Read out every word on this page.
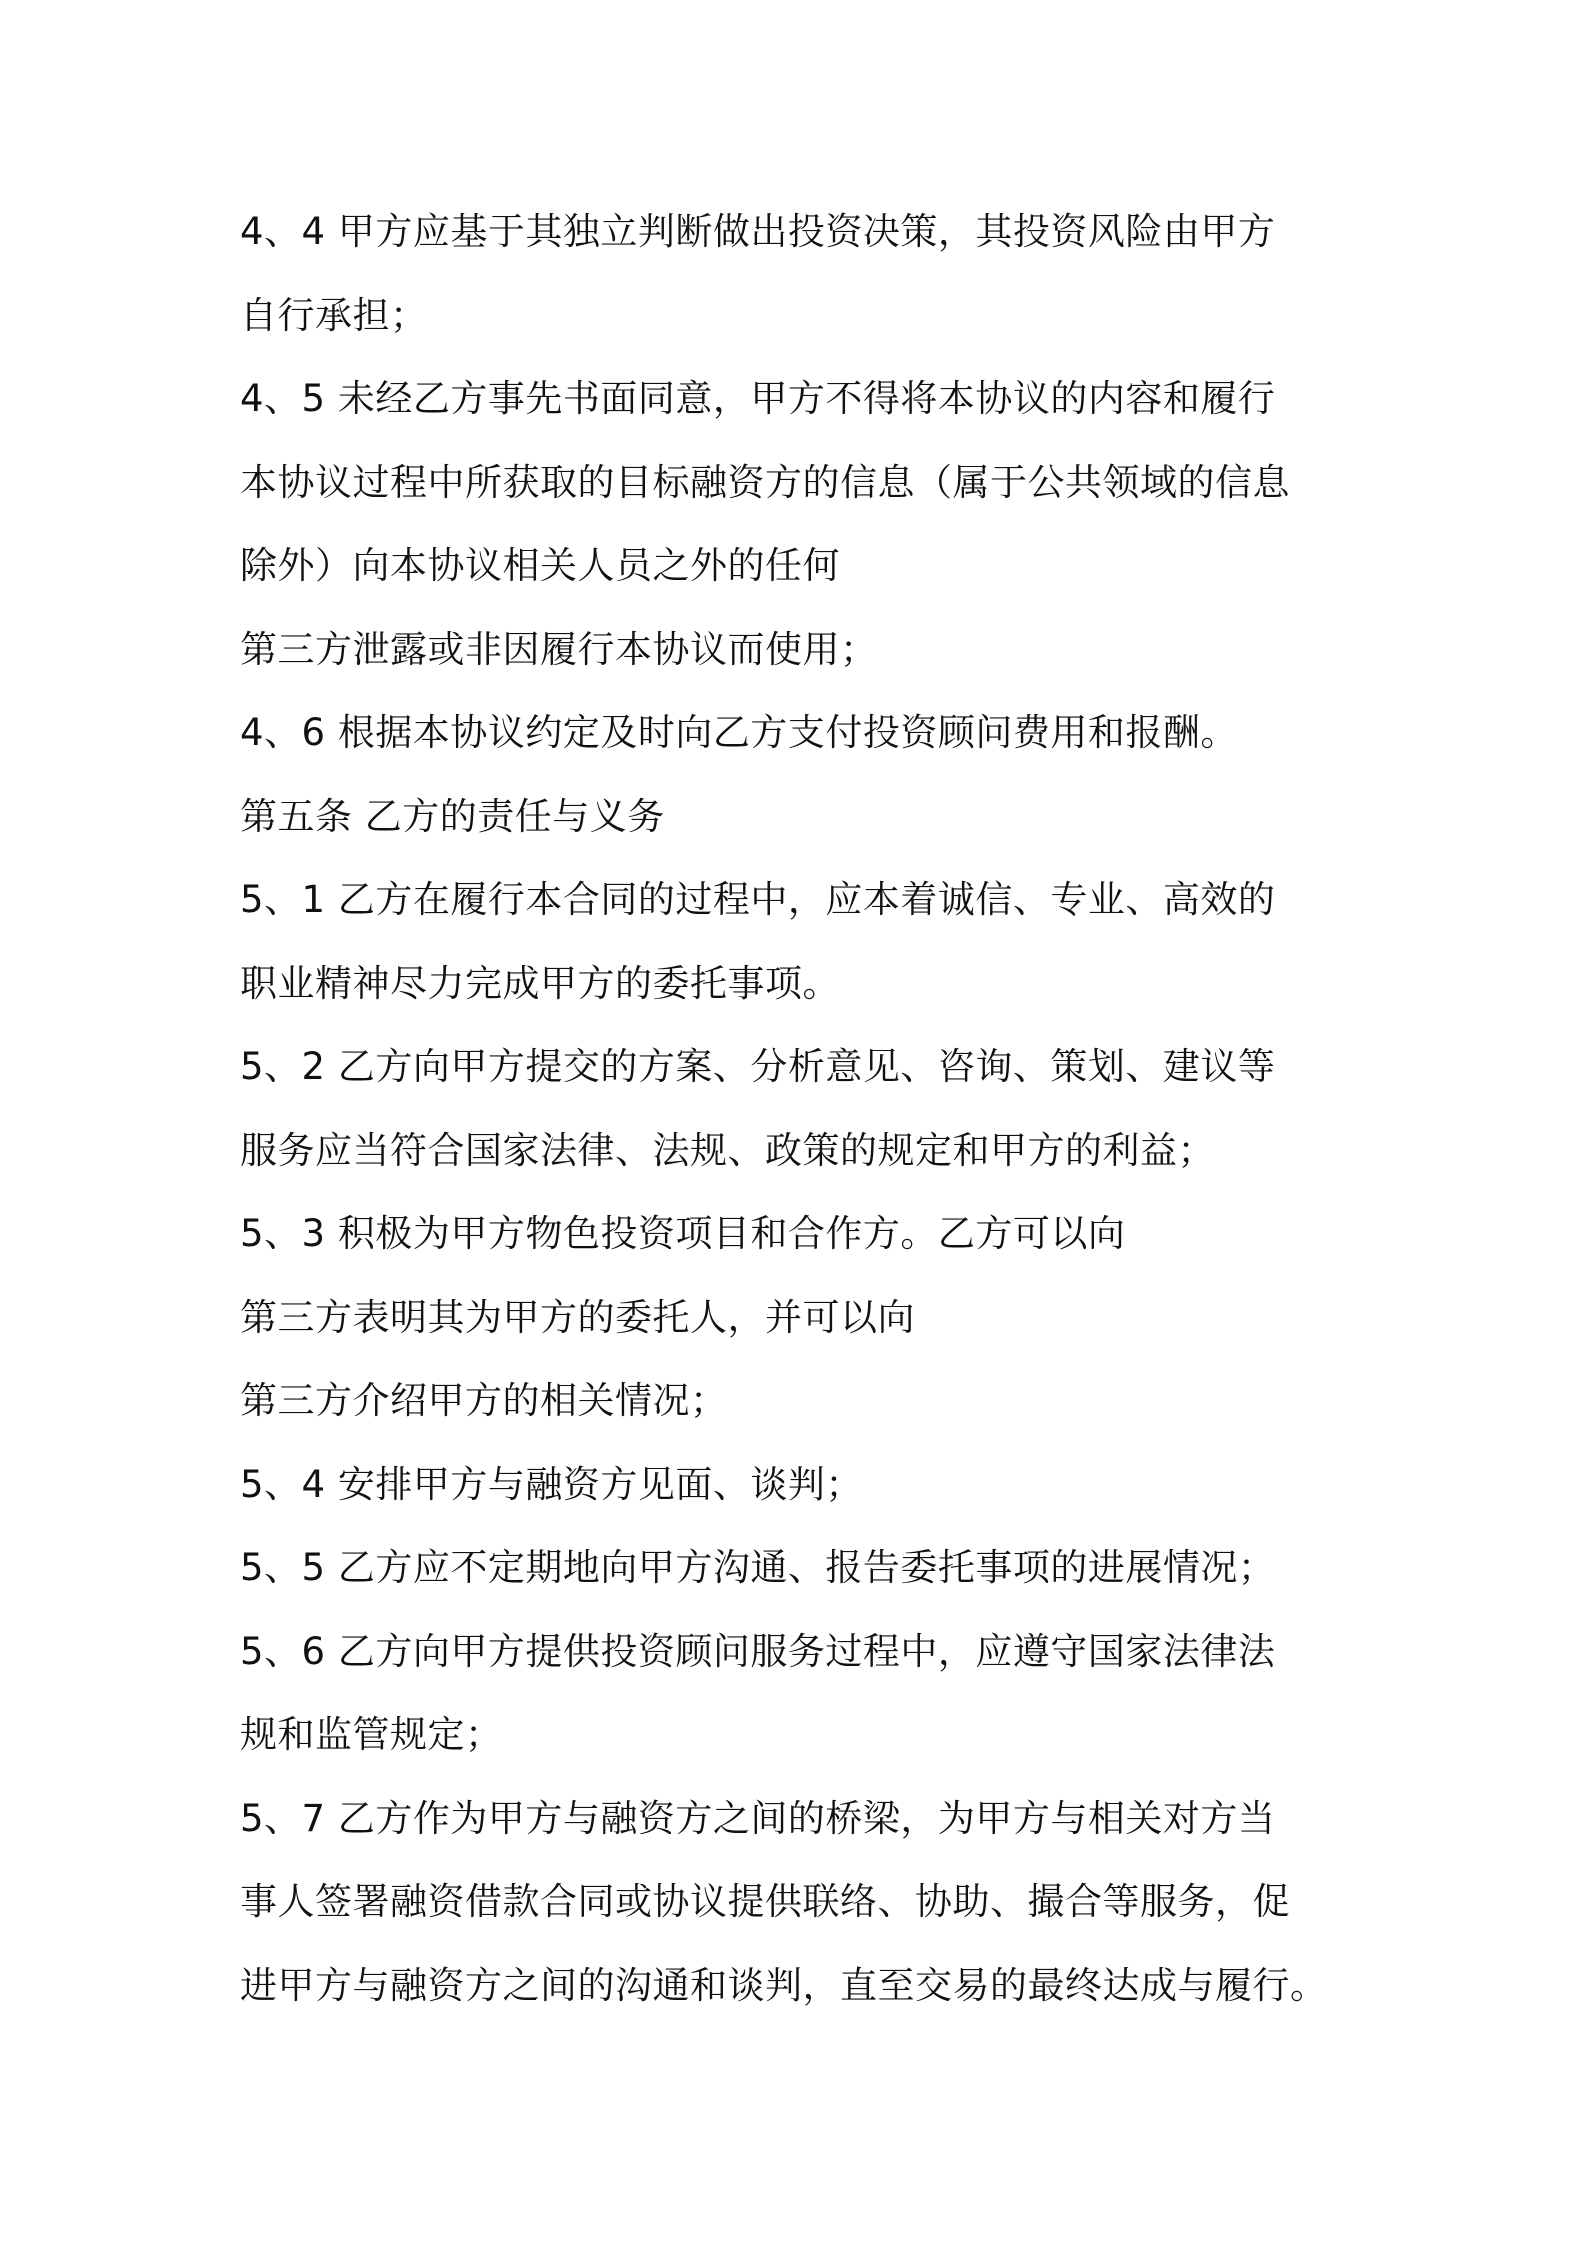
4、4 甲方应基于其独立判断做出投资决策，其投资风险由甲方
自行承担；
4、5 未经乙方事先书面同意，甲方不得将本协议的内容和履行
本协议过程中所获取的目标融资方的信息（属于公共领域的信息
除外）向本协议相关人员之外的任何
第三方泄露或非因履行本协议而使用；
4、6 根据本协议约定及时向乙方支付投资顾问费用和报酬。
第五条 乙方的责任与义务
5、1 乙方在履行本合同的过程中，应本着诚信、专业、高效的
职业精神尽力完成甲方的委托事项。
5、2 乙方向甲方提交的方案、分析意见、咨询、策划、建议等
服务应当符合国家法律、法规、政策的规定和甲方的利益；
5、3 积极为甲方物色投资项目和合作方。乙方可以向
第三方表明其为甲方的委托人，并可以向
第三方介绍甲方的相关情况；
5、4 安排甲方与融资方见面、谈判；
5、5 乙方应不定期地向甲方沟通、报告委托事项的进展情况；
5、6 乙方向甲方提供投资顾问服务过程中，应遵守国家法律法
规和监管规定；
5、7 乙方作为甲方与融资方之间的桥梁，为甲方与相关对方当
事人签署融资借款合同或协议提供联络、协助、撮合等服务，促
进甲方与融资方之间的沟通和谈判，直至交易的最终达成与履行。
